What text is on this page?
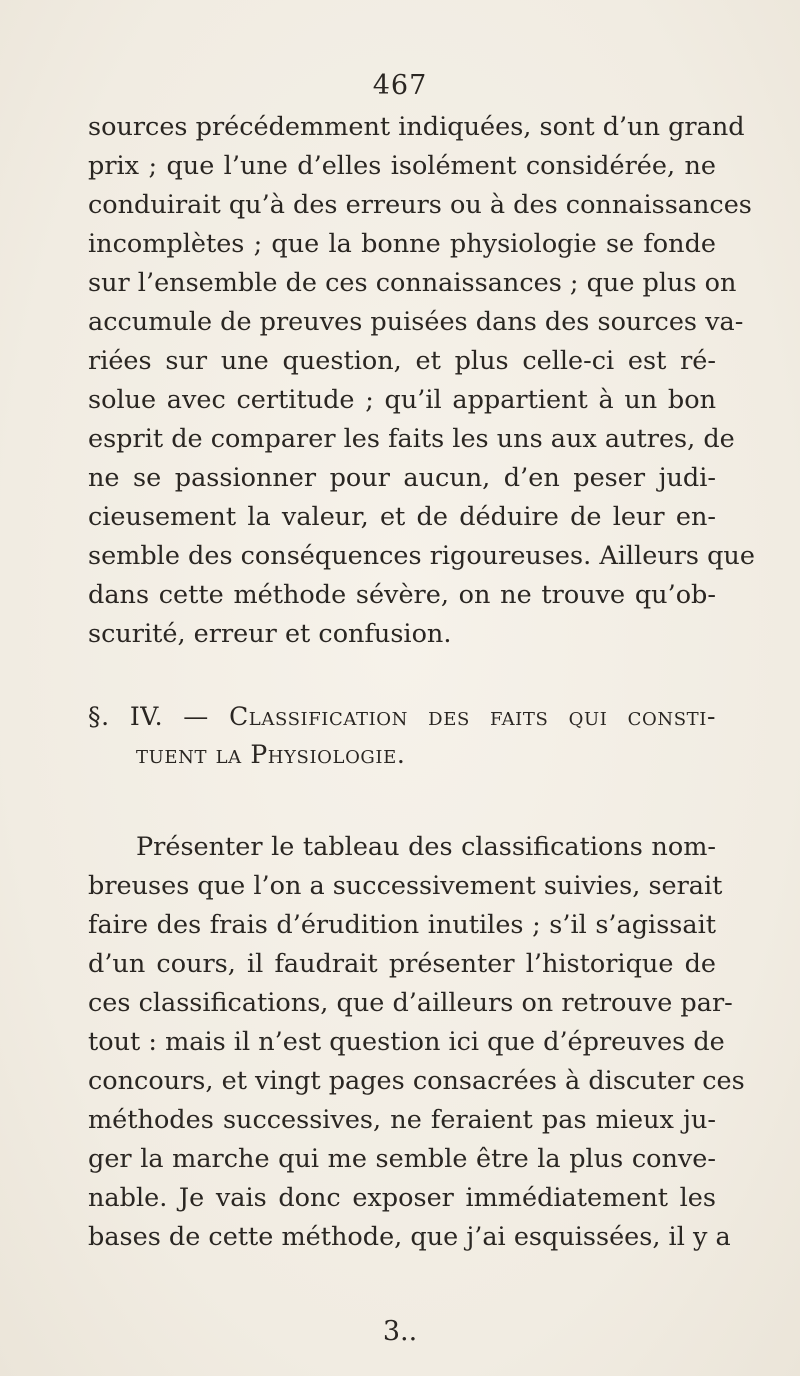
467
sources précédemment indiquées, sont d’un grand
prix ; que l’une d’elles isolément considérée, ne
conduirait qu’à des erreurs ou à des connaissances
incomplètes ; que la bonne physiologie se fonde
sur l’ensemble de ces connaissances ; que plus on
accumule de preuves puisées dans des sources va-
riées sur une question, et plus celle-ci est ré-
solue avec certitude ; qu’il appartient à un bon
esprit de comparer les faits les uns aux autres, de
ne se passionner pour aucun, d’en peser judi-
cieusement la valeur, et de déduire de leur en-
semble des conséquences rigoureuses. Ailleurs que
dans cette méthode sévère, on ne trouve qu’ob-
scurité, erreur et confusion.
§. IV. — Classification des faits qui consti-
tuent la Physiologie.
Présenter le tableau des classifications nom-
breuses que l’on a successivement suivies, serait
faire des frais d’érudition inutiles ; s’il s’agissait
d’un cours, il faudrait présenter l’historique de
ces classifications, que d’ailleurs on retrouve par-
tout : mais il n’est question ici que d’épreuves de
concours, et vingt pages consacrées à discuter ces
méthodes successives, ne feraient pas mieux ju-
ger la marche qui me semble être la plus conve-
nable. Je vais donc exposer immédiatement les
bases de cette méthode, que j’ai esquissées, il y a
3..
